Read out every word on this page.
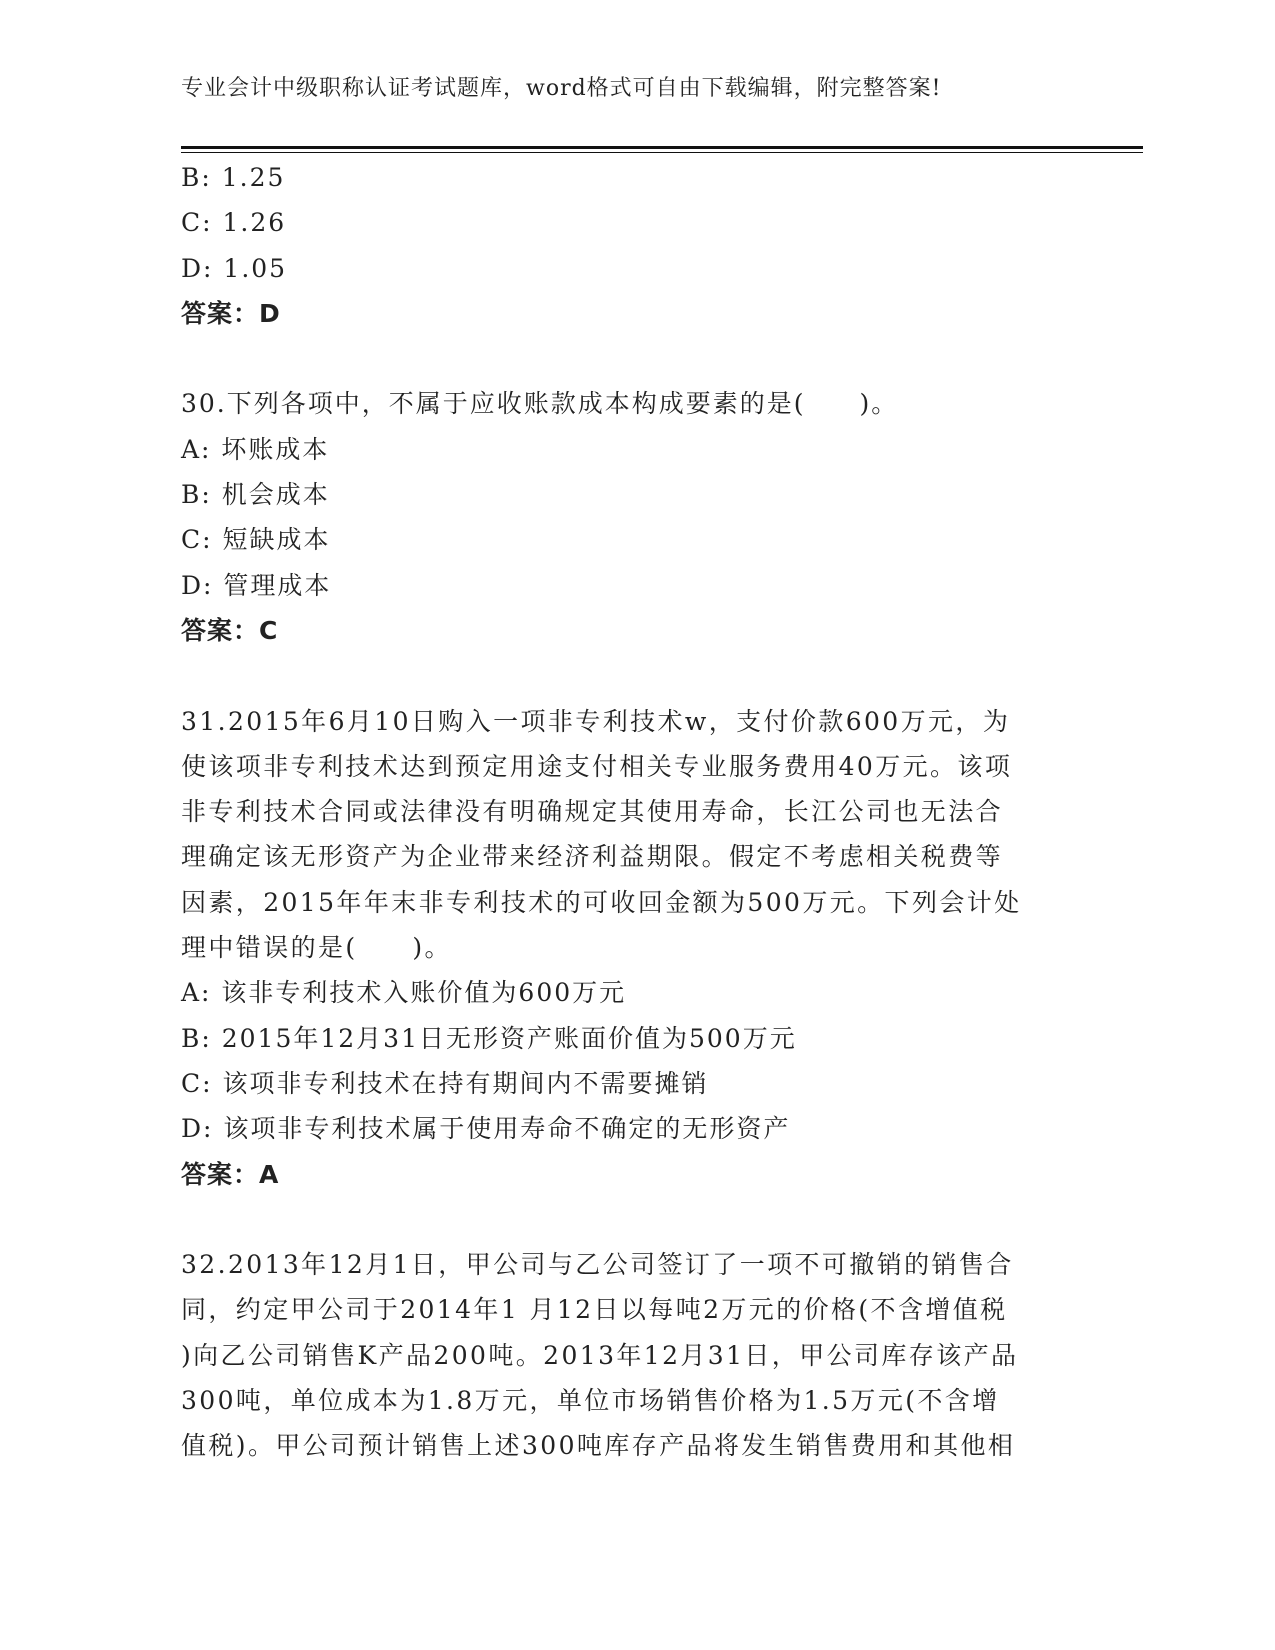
专业会计中级职称认证考试题库，word格式可自由下载编辑，附完整答案!
B: 1.25
C: 1.26
D: 1.05
答案：D
30.下列各项中，不属于应收账款成本构成要素的是(　　)。
A: 坏账成本
B: 机会成本
C: 短缺成本
D: 管理成本
答案：C
31.2015年6月10日购入一项非专利技术w，支付价款600万元，为
使该项非专利技术达到预定用途支付相关专业服务费用40万元。该项
非专利技术合同或法律没有明确规定其使用寿命，长江公司也无法合
理确定该无形资产为企业带来经济利益期限。假定不考虑相关税费等
因素，2015年年末非专利技术的可收回金额为500万元。下列会计处
理中错误的是(　　)。
A: 该非专利技术入账价值为600万元
B: 2015年12月31日无形资产账面价值为500万元
C: 该项非专利技术在持有期间内不需要摊销
D: 该项非专利技术属于使用寿命不确定的无形资产
答案：A
32.2013年12月1日，甲公司与乙公司签订了一项不可撤销的销售合
同，约定甲公司于2014年1 月12日以每吨2万元的价格(不含增值税
)向乙公司销售K产品200吨。2013年12月31日，甲公司库存该产品
300吨，单位成本为1.8万元，单位市场销售价格为1.5万元(不含增
值税)。甲公司预计销售上述300吨库存产品将发生销售费用和其他相
